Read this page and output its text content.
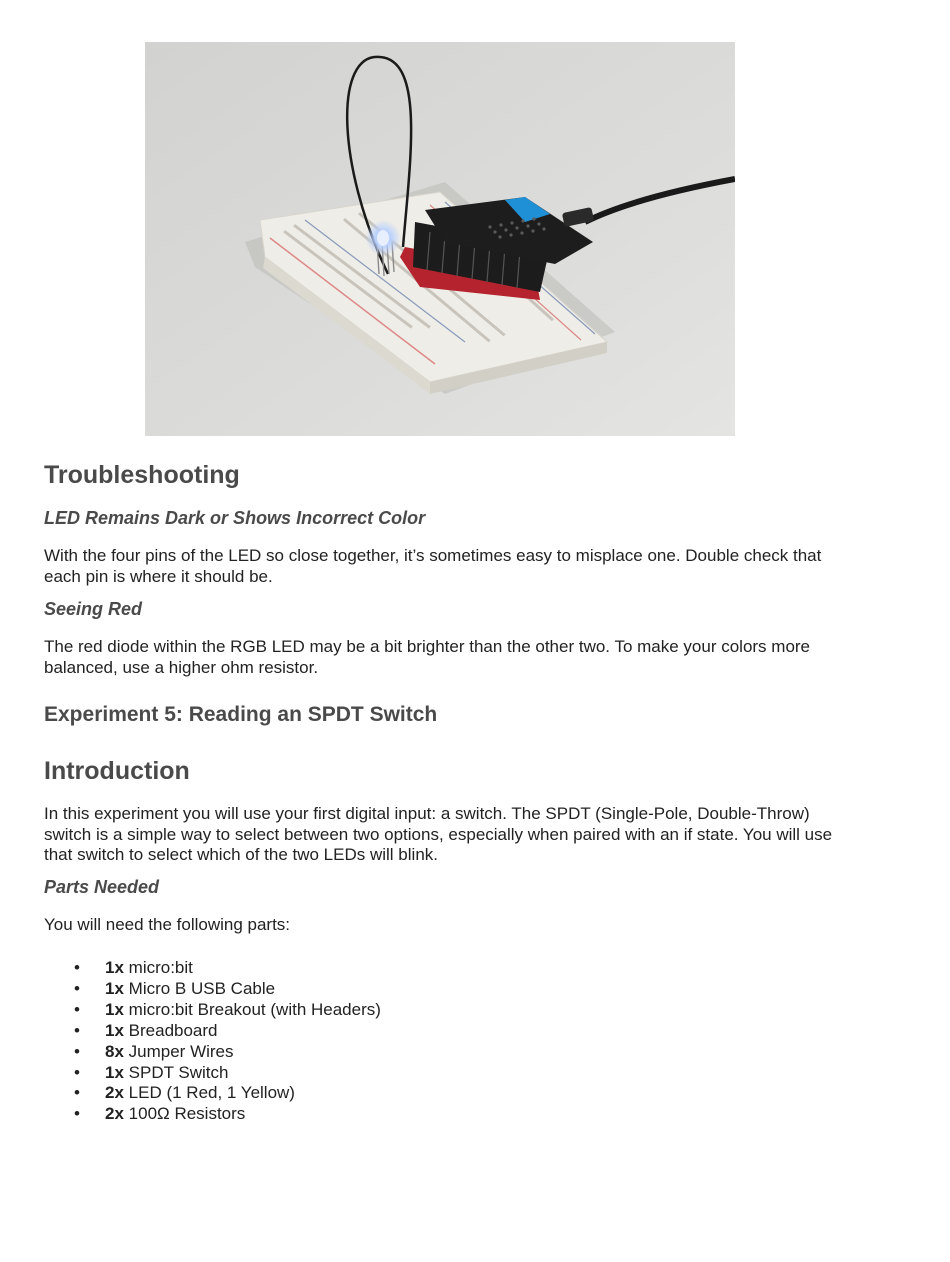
Troubleshooting
LED Remains Dark or Shows Incorrect Color

With the four pins of the LED so close together, it’s sometimes easy to misplace one. Double check that each pin is where it should be.

Seeing Red

The red diode within the RGB LED may be a bit brighter than the other two. To make your colors more balanced, use a higher ohm resistor.

Experiment 5: Reading an SPDT Switch
Introduction

In this experiment you will use your first digital input: a switch. The SPDT (Single-Pole, Double-Throw) switch is a simple way to select between two options, especially when paired with an if state. You will use that switch to select which of the two LEDs will blink.

Parts Needed

You will need the following parts:

• 1x micro:bit
• 1x Micro B USB Cable
• 1x micro:bit Breakout (with Headers)
• 1x Breadboard
• 8x Jumper Wires
• 1x SPDT Switch
• 2x LED (1 Red, 1 Yellow)
• 2x 100Ω Resistors
